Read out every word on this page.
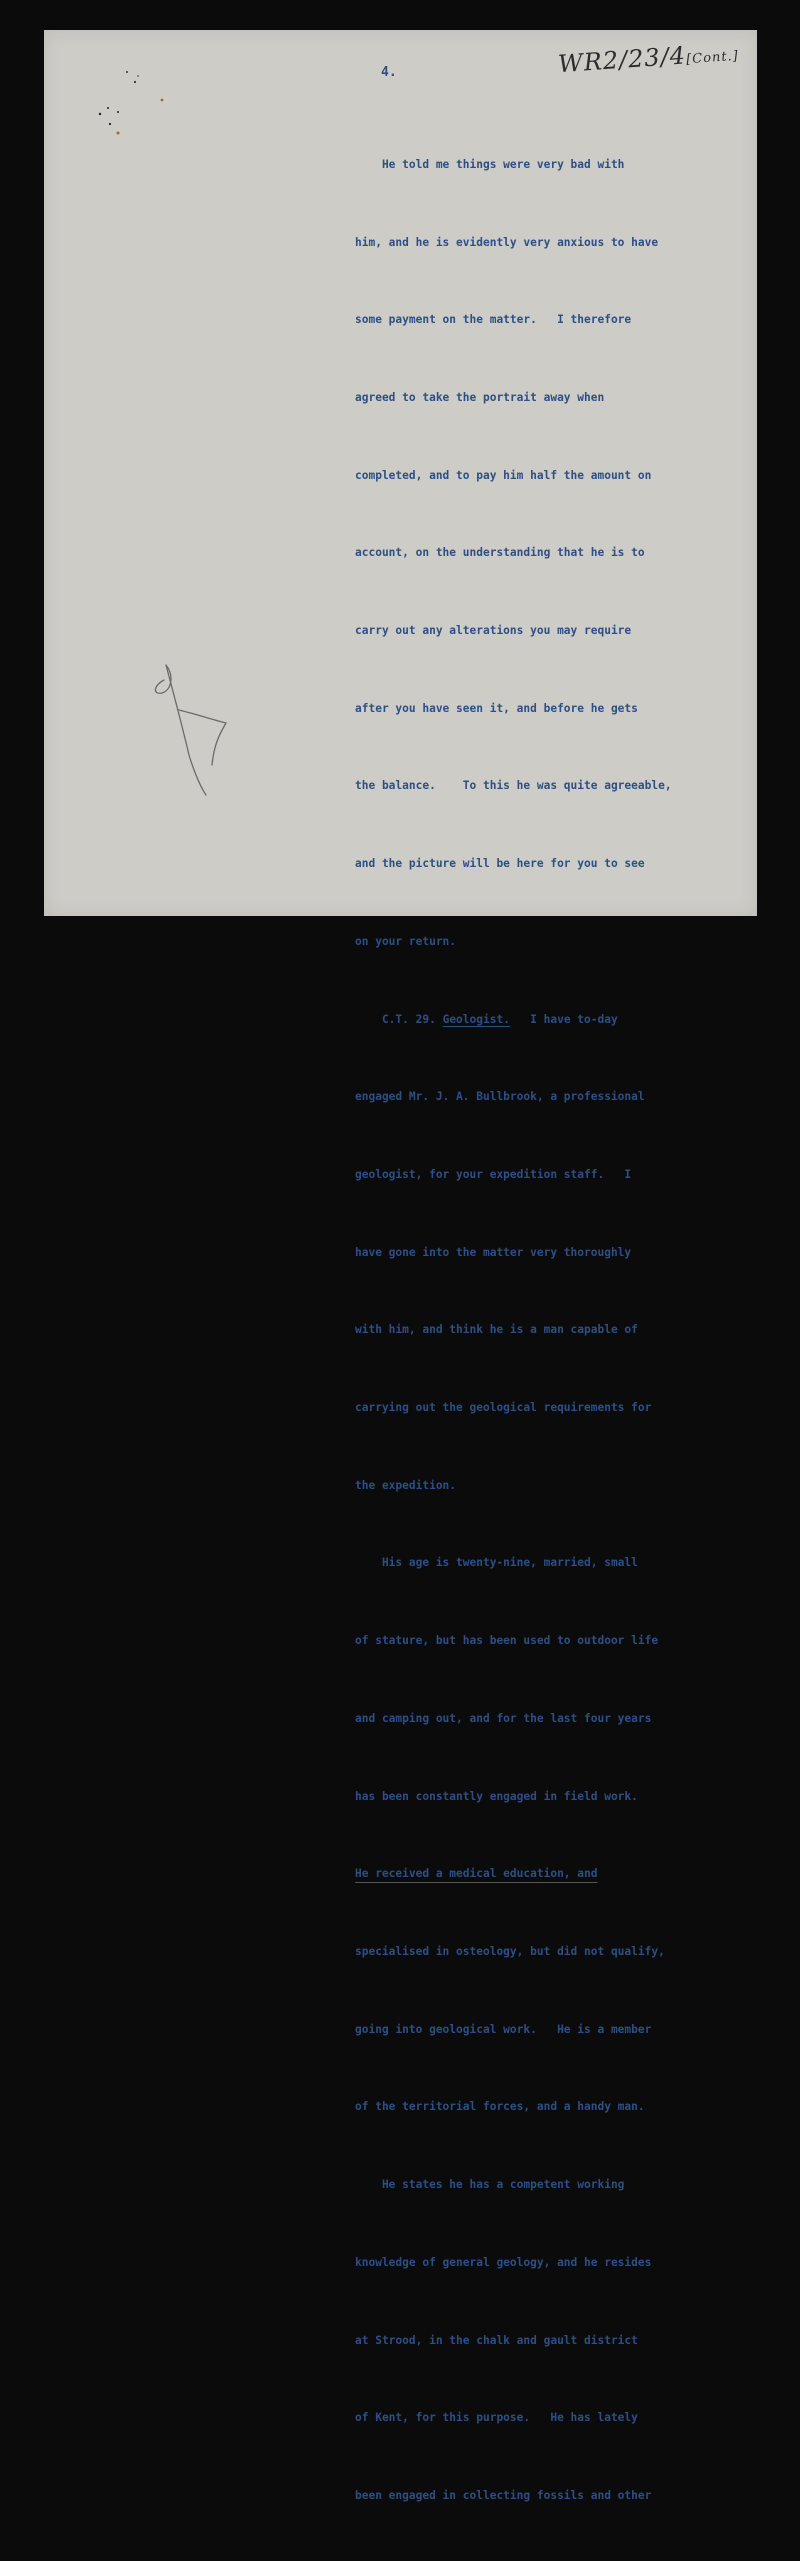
WR2/23/4[Cont.]
4.

He told me things were very bad with

him, and he is evidently very anxious to have

some payment on the matter.   I therefore

agreed to take the portrait away when

completed, and to pay him half the amount on

account, on the understanding that he is to

carry out any alterations you may require

after you have seen it, and before he gets

the balance.    To this he was quite agreeable,

and the picture will be here for you to see

on your return.

C.T. 29. Geologist.   I have to-day

engaged Mr. J. A. Bullbrook, a professional

geologist, for your expedition staff.   I

have gone into the matter very thoroughly

with him, and think he is a man capable of

carrying out the geological requirements for

the expedition.

His age is twenty-nine, married, small

of stature, but has been used to outdoor life

and camping out, and for the last four years

has been constantly engaged in field work.

He received a medical education, and

specialised in osteology, but did not qualify,

going into geological work.   He is a member

of the territorial forces, and a handy man.

He states he has a competent working

knowledge of general geology, and he resides

at Strood, in the chalk and gault district

of Kent, for this purpose.   He has lately

been engaged in collecting fossils and other
